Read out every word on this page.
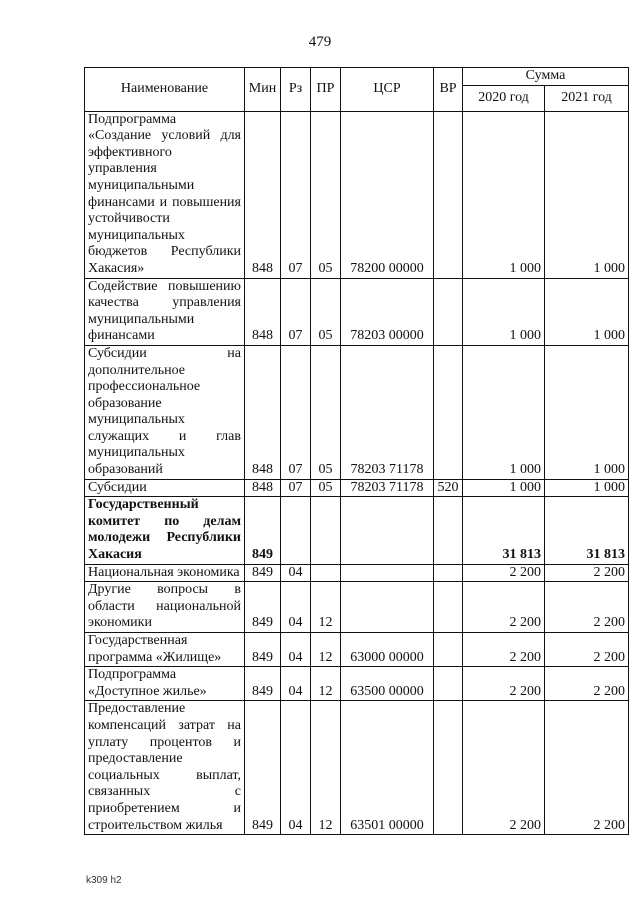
479
Наименование	Мин	Рз	ПР	ЦСР	ВР	Сумма	
						2020 год	2021 год
Подпрограмма «Создание условий для эффективного управления муниципальными финансами и повышения устойчивости муниципальных бюджетов Республики Хакасия»	848	07	05	78200 00000		1 000	1 000
Содействие повышению качества управления муниципальными финансами	848	07	05	78203 00000		1 000	1 000
Субсидии на дополнительное профессиональное образование муниципальных служащих и глав муниципальных образований	848	07	05	78203 71178		1 000	1 000
Субсидии	848	07	05	78203 71178	520	1 000	1 000
Государственный комитет по делам молодежи Республики Хакасия	849					31 813	31 813
Национальная экономика	849	04				2 200	2 200
Другие вопросы в области национальной экономики	849	04	12			2 200	2 200
Государственная программа «Жилище»	849	04	12	63000 00000		2 200	2 200
Подпрограмма «Доступное жилье»	849	04	12	63500 00000		2 200	2 200
Предоставление компенсаций затрат на уплату процентов и предоставление социальных выплат, связанных с приобретением и строительством жилья	849	04	12	63501 00000		2 200	2 200
k309 h2
